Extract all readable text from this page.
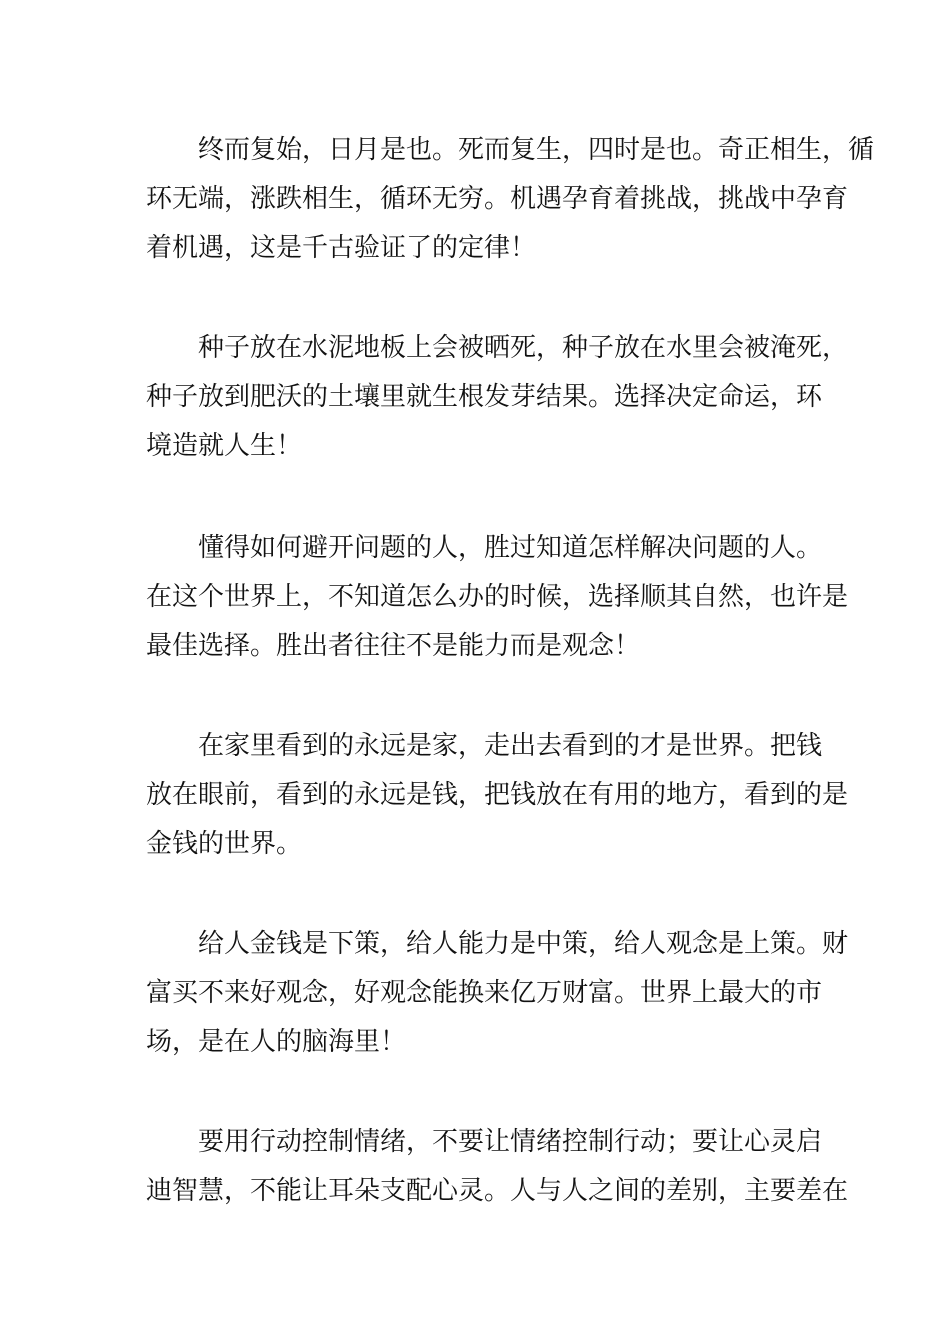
终而复始，日月是也。死而复生，四时是也。奇正相生，循
环无端，涨跌相生，循环无穷。机遇孕育着挑战，挑战中孕育
着机遇，这是千古验证了的定律！
种子放在水泥地板上会被晒死，种子放在水里会被淹死，
种子放到肥沃的土壤里就生根发芽结果。选择决定命运，环
境造就人生！
懂得如何避开问题的人，胜过知道怎样解决问题的人。
在这个世界上，不知道怎么办的时候，选择顺其自然，也许是
最佳选择。胜出者往往不是能力而是观念！
在家里看到的永远是家，走出去看到的才是世界。把钱
放在眼前，看到的永远是钱，把钱放在有用的地方，看到的是
金钱的世界。
给人金钱是下策，给人能力是中策，给人观念是上策。财
富买不来好观念，好观念能换来亿万财富。世界上最大的市
场，是在人的脑海里！
要用行动控制情绪，不要让情绪控制行动；要让心灵启
迪智慧，不能让耳朵支配心灵。人与人之间的差别，主要差在
